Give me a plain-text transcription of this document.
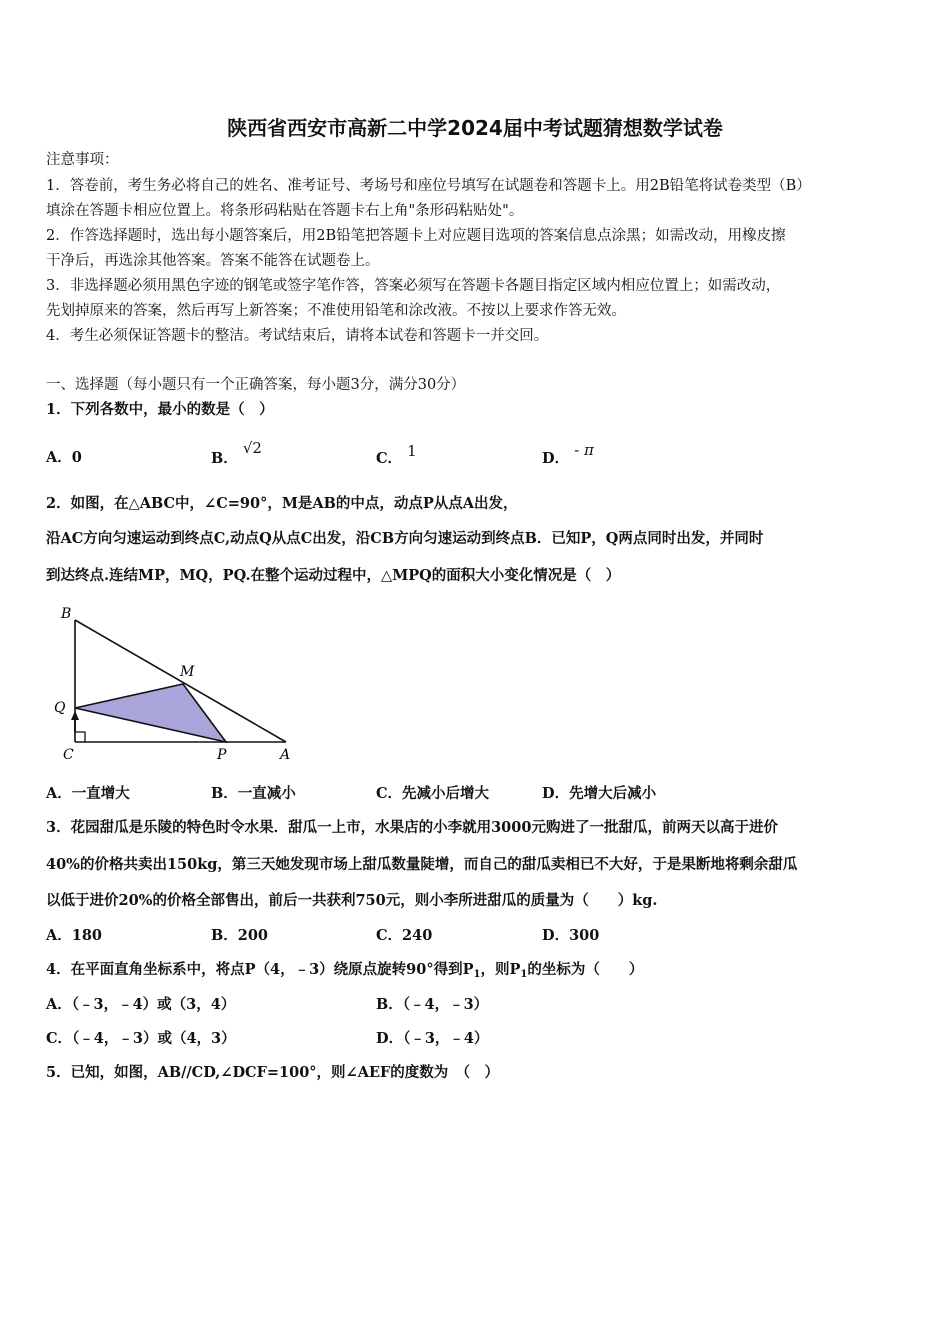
陕西省西安市高新二中学2024届中考试题猜想数学试卷
注意事项：
1．答卷前，考生务必将自己的姓名、准考证号、考场号和座位号填写在试题卷和答题卡上。用2B铅笔将试卷类型（B）
填涂在答题卡相应位置上。将条形码粘贴在答题卡右上角"条形码粘贴处"。
2．作答选择题时，选出每小题答案后，用2B铅笔把答题卡上对应题目选项的答案信息点涂黑；如需改动，用橡皮擦
干净后，再选涂其他答案。答案不能答在试题卷上。
3．非选择题必须用黑色字迹的钢笔或签字笔作答，答案必须写在答题卡各题目指定区域内相应位置上；如需改动，
先划掉原来的答案，然后再写上新答案；不准使用铅笔和涂改液。不按以上要求作答无效。
4．考生必须保证答题卡的整洁。考试结束后，请将本试卷和答题卡一并交回。
一、选择题（每小题只有一个正确答案，每小题3分，满分30分）
1．下列各数中，最小的数是（　）
A．0	B． √2
C． 1	D． - π
2．如图，在△ABC中，∠C=90°，M是AB的中点，动点P从点A出发，
沿AC方向匀速运动到终点C,动点Q从点C出发，沿CB方向匀速运动到终点B．已知P，Q两点同时出发，并同时
到达终点.连结MP，MQ，PQ.在整个运动过程中，△MPQ的面积大小变化情况是（　）
B
M
Q
C	P	A
A．一直增大	B．一直减小	C．先减小后增大	D．先增大后减小
3．花园甜瓜是乐陵的特色时令水果．甜瓜一上市，水果店的小李就用3000元购进了一批甜瓜，前两天以高于进价
40%的价格共卖出150kg，第三天她发现市场上甜瓜数量陡增，而自己的甜瓜卖相已不大好，于是果断地将剩余甜瓜
以低于进价20%的价格全部售出，前后一共获利750元，则小李所进甜瓜的质量为（　　）kg.
A．180	B．200	C．240	D．300
4．在平面直角坐标系中，将点P（4，﹣3）绕原点旋转90°得到$P_1$，则$P_1$的坐标为（　　）
A．（﹣3，﹣4）或（3，4）	B．（﹣4，﹣3）
C．（﹣4，﹣3）或（4，3）	D．（﹣3，﹣4）
5．已知，如图，AB//CD,∠DCF=100°，则∠AEF的度数为　（　）
